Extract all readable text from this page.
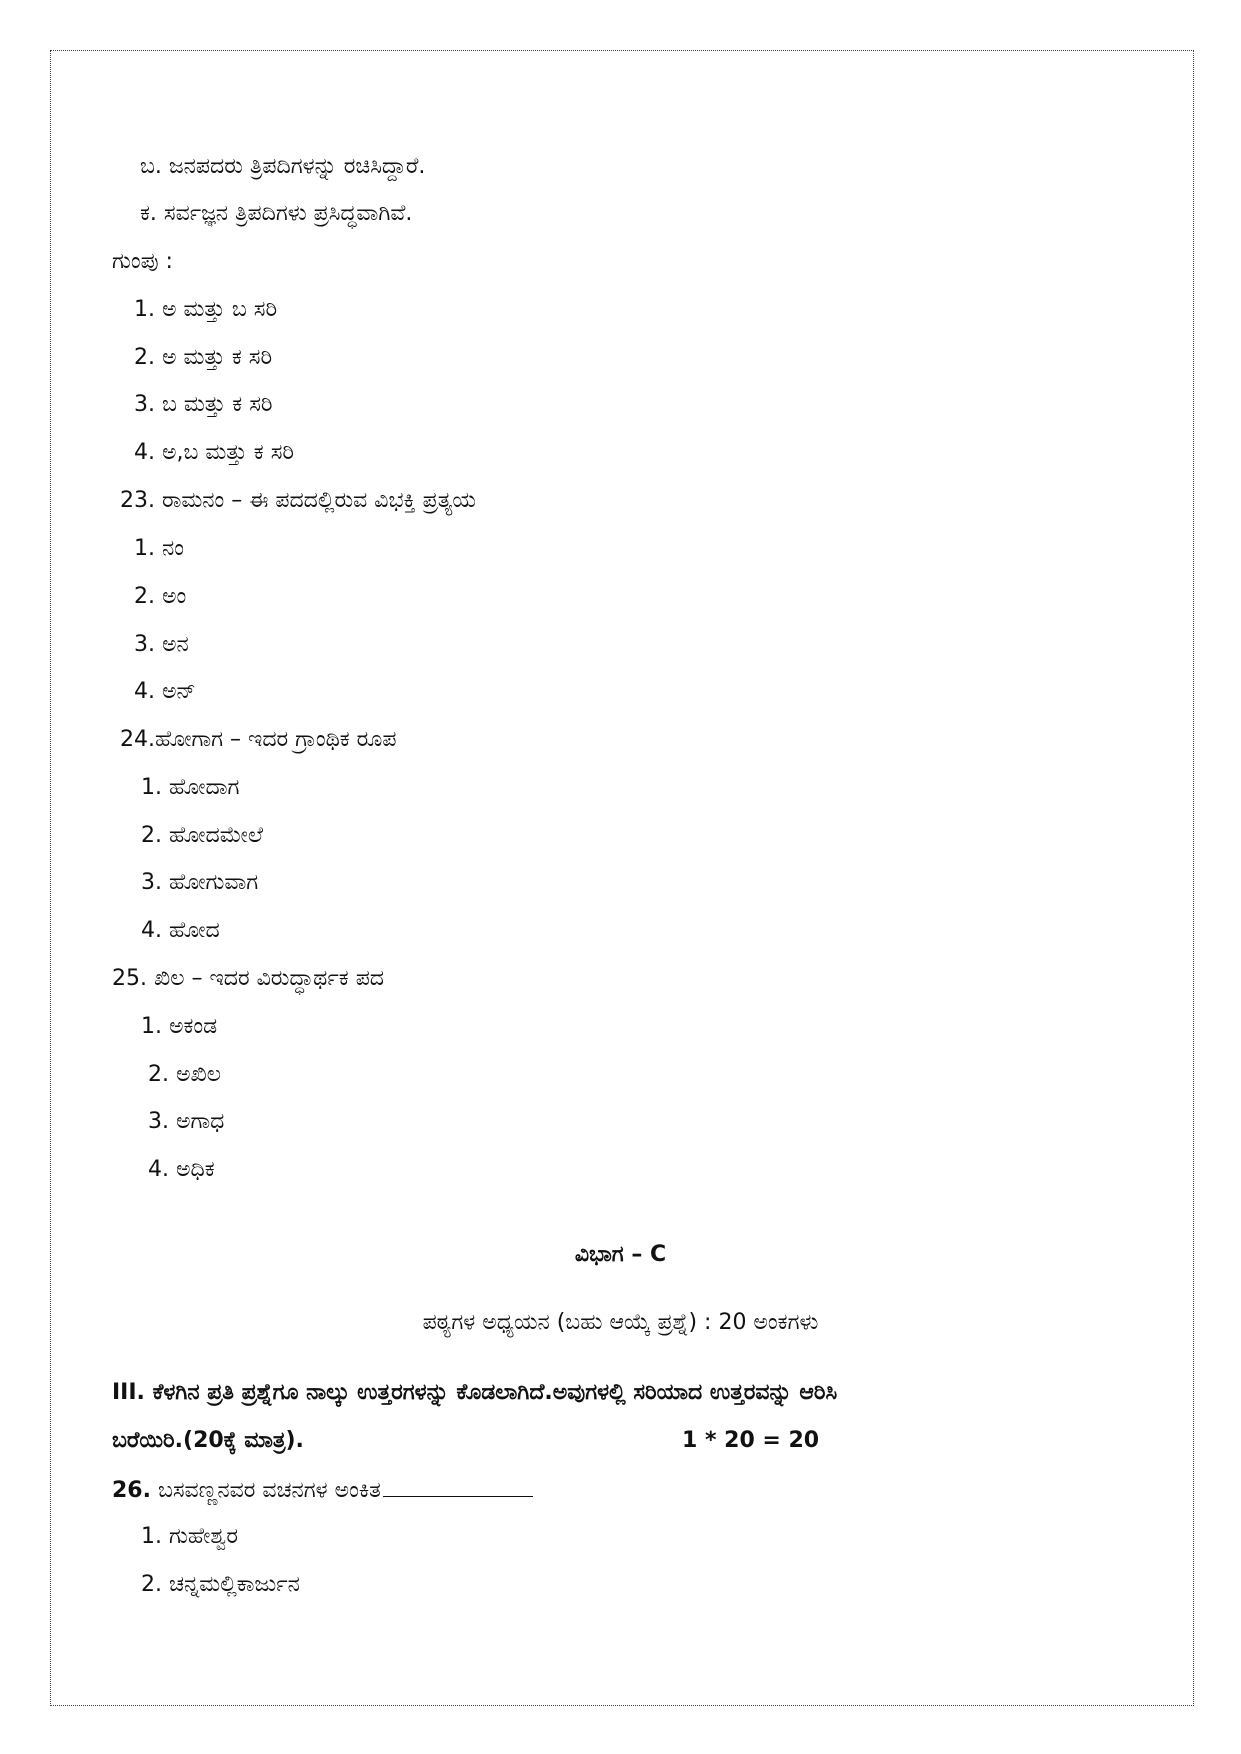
ಬ. ಜನಪದರು ತ್ರಿಪದಿಗಳನ್ನು ರಚಿಸಿದ್ದಾರೆ.
ಕ. ಸರ್ವಜ್ಞನ ತ್ರಿಪದಿಗಳು ಪ್ರಸಿದ್ಧವಾಗಿವೆ.
ಗುಂಪು :
1. ಅ ಮತ್ತು ಬ ಸರಿ
2. ಅ ಮತ್ತು ಕ ಸರಿ
3. ಬ ಮತ್ತು ಕ ಸರಿ
4. ಅ,ಬ ಮತ್ತು ಕ ಸರಿ
23. ರಾಮನಂ – ಈ ಪದದಲ್ಲಿರುವ ವಿಭಕ್ತಿ ಪ್ರತ್ಯಯ
1. ನಂ
2. ಅಂ
3. ಅನ
4. ಅನ್
24.ಹೋಗಾಗ – ಇದರ ಗ್ರಾಂಥಿಕ ರೂಪ
1. ಹೋದಾಗ
2. ಹೋದಮೇಲೆ
3. ಹೋಗುವಾಗ
4. ಹೋದ
25. ಖಿಲ – ಇದರ ವಿರುದ್ಧಾರ್ಥಕ ಪದ
1. ಅಕಂಡ
2. ಅಖಿಲ
3. ಅಗಾಧ
4. ಅಧಿಕ
ವಿಭಾಗ – C
ಪಠ್ಯಗಳ ಅಧ್ಯಯನ (ಬಹು ಆಯ್ಕೆ ಪ್ರಶ್ನೆ) : 20 ಅಂಕಗಳು
III. ಕೆಳಗಿನ ಪ್ರತಿ ಪ್ರಶ್ನೆಗೂ ನಾಲ್ಕು ಉತ್ತರಗಳನ್ನು ಕೊಡಲಾಗಿದೆ.ಅವುಗಳಲ್ಲಿ ಸರಿಯಾದ ಉತ್ತರವನ್ನು ಆರಿಸಿ
ಬರೆಯಿರಿ.(20ಕ್ಕೆ ಮಾತ್ರ).	1 * 20 = 20
26. ಬಸವಣ್ಣನವರ ವಚನಗಳ ಅಂಕಿತ
1. ಗುಹೇಶ್ವರ
2. ಚನ್ನಮಲ್ಲಿಕಾರ್ಜುನ
